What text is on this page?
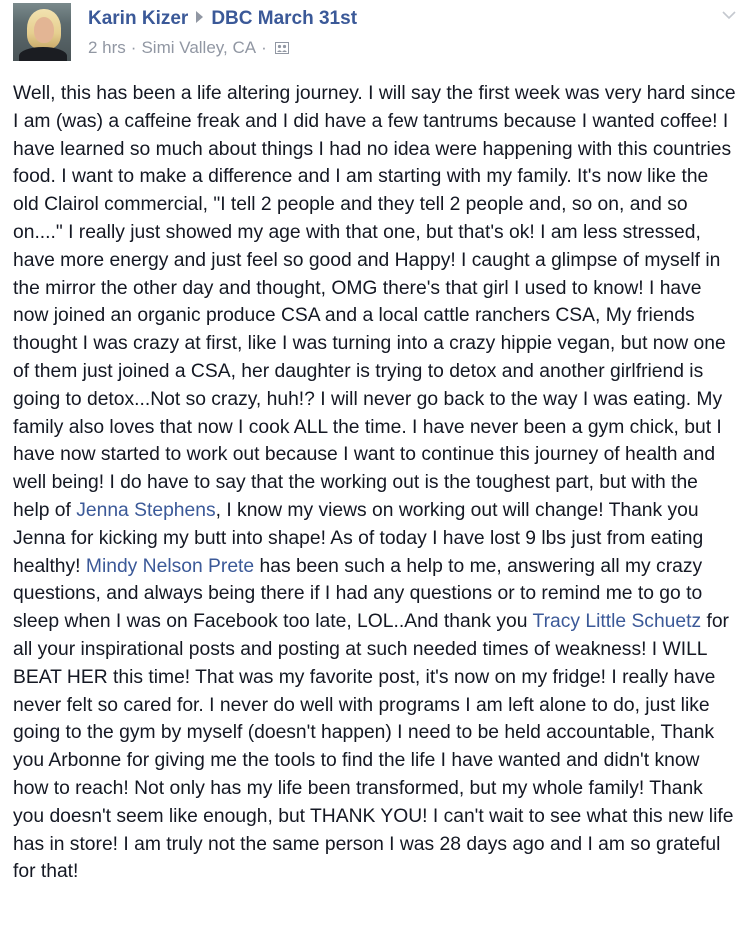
Karin Kizer DBC March 31st
2 hrs · Simi Valley, CA ·
Well, this has been a life altering journey. I will say the first week was very hard since I am (was) a caffeine freak and I did have a few tantrums because I wanted coffee! I have learned so much about things I had no idea were happening with this countries food. I want to make a difference and I am starting with my family. It's now like the old Clairol commercial, "I tell 2 people and they tell 2 people and, so on, and so on...." I really just showed my age with that one, but that's ok! I am less stressed, have more energy and just feel so good and Happy! I caught a glimpse of myself in the mirror the other day and thought, OMG there's that girl I used to know! I have now joined an organic produce CSA and a local cattle ranchers CSA, My friends thought I was crazy at first, like I was turning into a crazy hippie vegan, but now one of them just joined a CSA, her daughter is trying to detox and another girlfriend is going to detox...Not so crazy, huh!? I will never go back to the way I was eating. My family also loves that now I cook ALL the time. I have never been a gym chick, but I have now started to work out because I want to continue this journey of health and well being! I do have to say that the working out is the toughest part, but with the help of Jenna Stephens, I know my views on working out will change! Thank you Jenna for kicking my butt into shape! As of today I have lost 9 lbs just from eating healthy! Mindy Nelson Prete has been such a help to me, answering all my crazy questions, and always being there if I had any questions or to remind me to go to sleep when I was on Facebook too late, LOL..And thank you Tracy Little Schuetz for all your inspirational posts and posting at such needed times of weakness! I WILL BEAT HER this time! That was my favorite post, it's now on my fridge! I really have never felt so cared for. I never do well with programs I am left alone to do, just like going to the gym by myself (doesn't happen) I need to be held accountable, Thank you Arbonne for giving me the tools to find the life I have wanted and didn't know how to reach! Not only has my life been transformed, but my whole family! Thank you doesn't seem like enough, but THANK YOU! I can't wait to see what this new life has in store! I am truly not the same person I was 28 days ago and I am so grateful for that!
